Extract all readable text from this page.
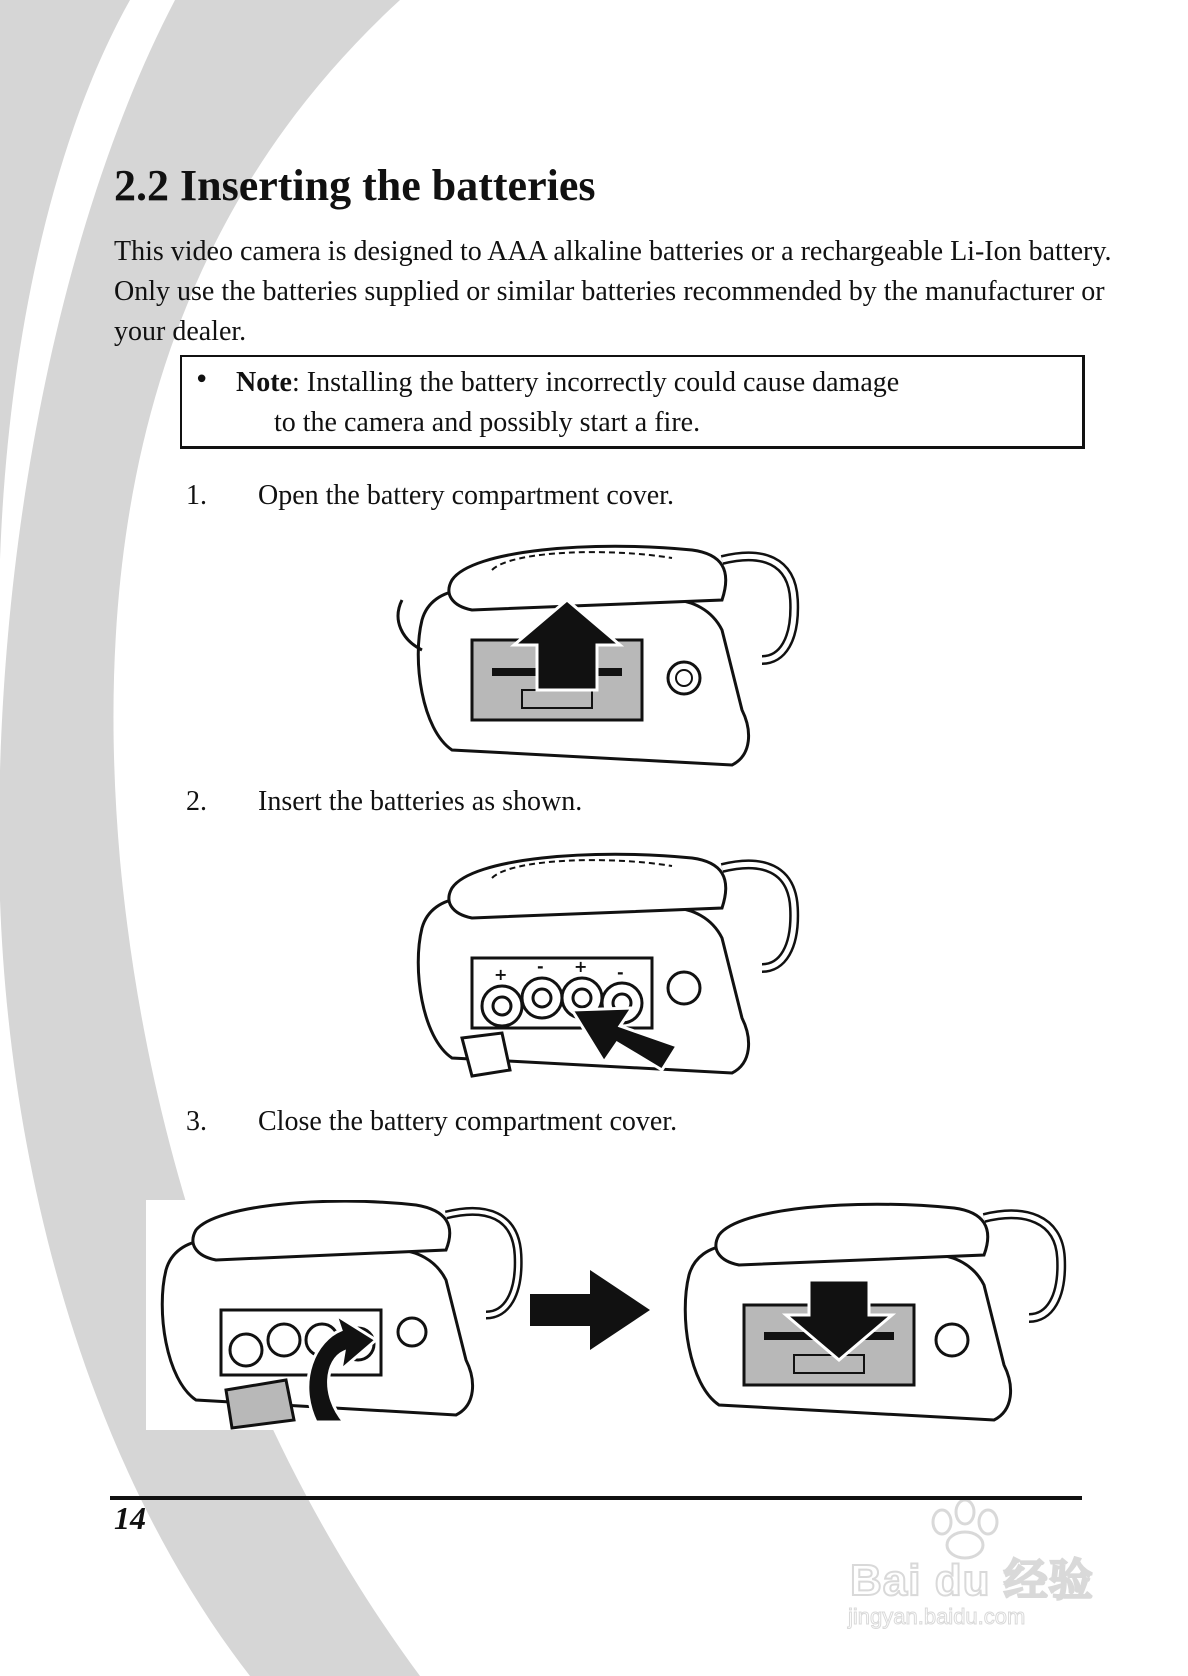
2.2 Inserting the batteries

This video camera is designed to AAA alkaline batteries or a rechargeable Li-Ion battery. Only use the batteries supplied or similar batteries recommended by the manufacturer or your dealer.

• Note: Installing the battery incorrectly could cause damage
to the camera and possibly start a fire.
1. Open the battery compartment cover.
2. Insert the batteries as shown.
+ - + -
3. Close the battery compartment cover.
14
Bai du 经验
jingyan.baidu.com
